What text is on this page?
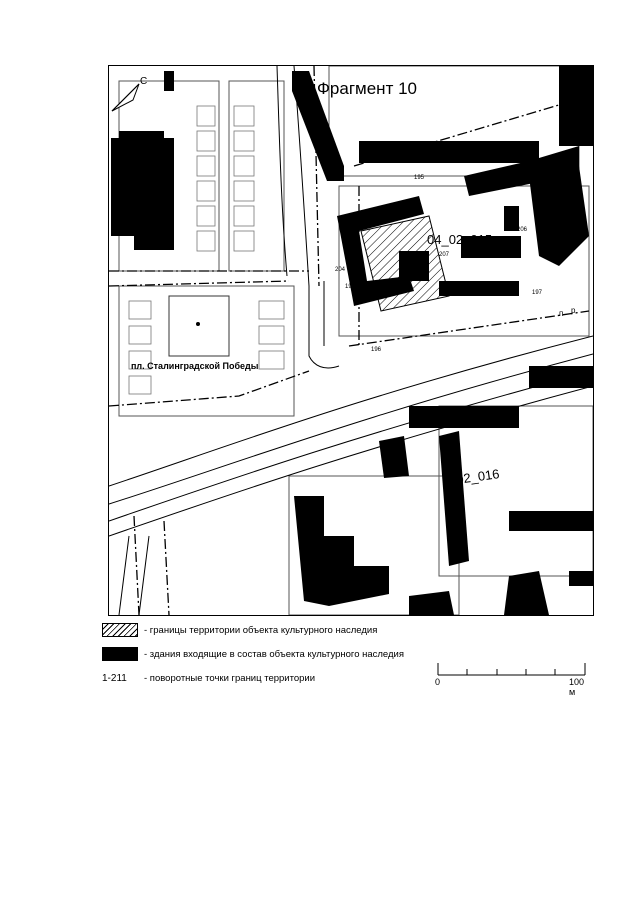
Фрагмент 10
С
пл. Сталинградской Победы
04_02_015
02_016
204
207
206
198
196
197
195
п р
- границы территории объекта культурного наследия
- здания входящие в состав объекта культурного наследия
1-211	- поворотные точки границ территории	0	100 м
